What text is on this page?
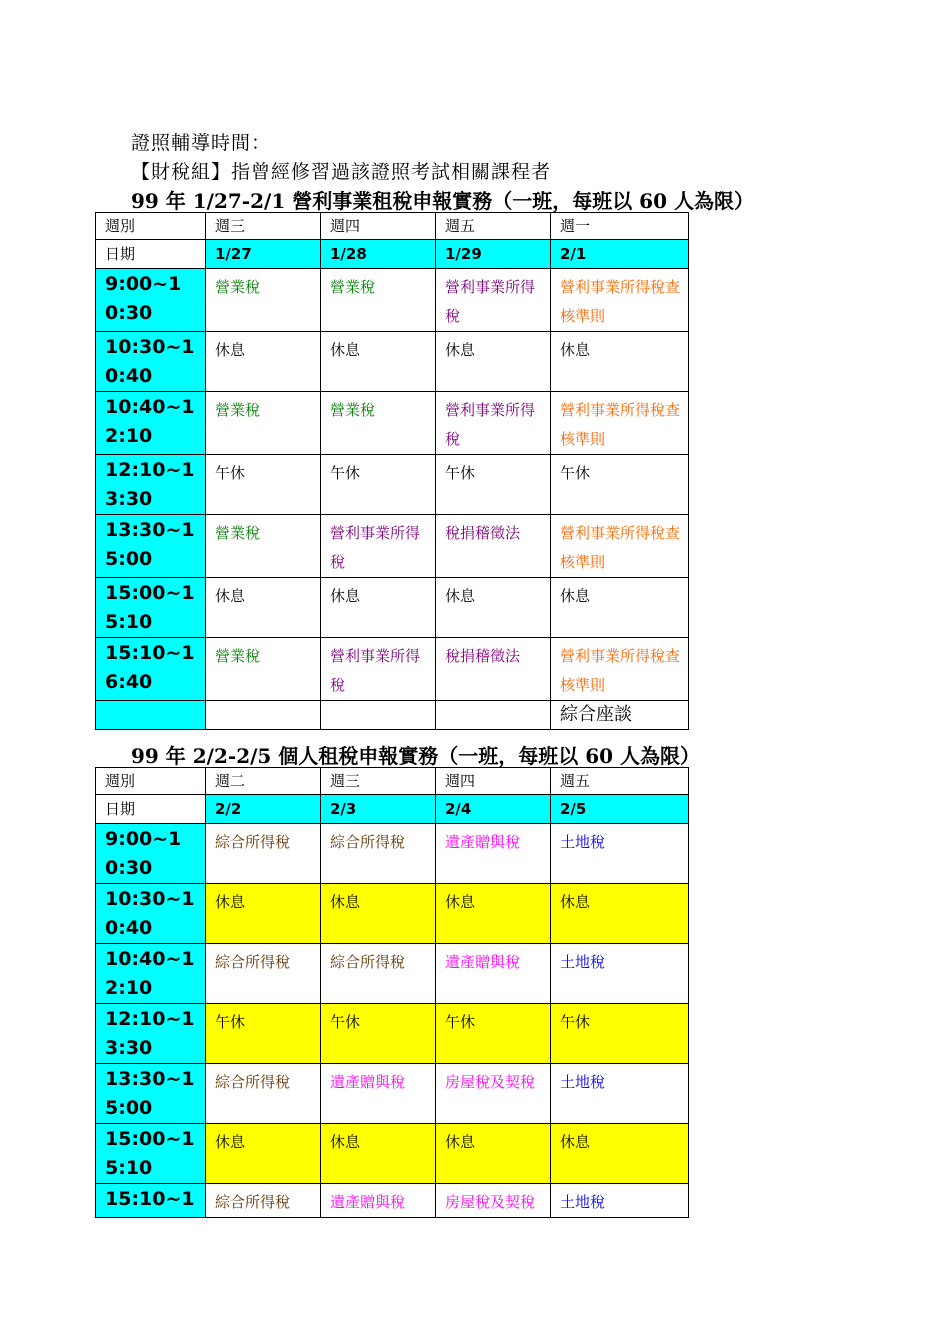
證照輔導時間：
【財稅組】指曾經修習過該證照考試相關課程者
99 年 1/27-2/1 營利事業租稅申報實務（一班，每班以 60 人為限）
週別	週三	週四	週五	週一
日期	1/27	1/28	1/29	2/1
9:00~10:30	營業稅	營業稅	營利事業所得稅	營利事業所得稅查核準則
10:30~10:40	休息	休息	休息	休息
10:40~12:10	營業稅	營業稅	營利事業所得稅	營利事業所得稅查核準則
12:10~13:30	午休	午休	午休	午休
13:30~15:00	營業稅	營利事業所得稅	稅捐稽徵法	營利事業所得稅查核準則
15:00~15:10	休息	休息	休息	休息
15:10~16:40	營業稅	營利事業所得稅	稅捐稽徵法	營利事業所得稅查核準則
				綜合座談
99 年 2/2-2/5 個人租稅申報實務（一班，每班以 60 人為限）
週別	週二	週三	週四	週五
日期	2/2	2/3	2/4	2/5
9:00~10:30	綜合所得稅	綜合所得稅	遺產贈與稅	土地稅
10:30~10:40	休息	休息	休息	休息
10:40~12:10	綜合所得稅	綜合所得稅	遺產贈與稅	土地稅
12:10~13:30	午休	午休	午休	午休
13:30~15:00	綜合所得稅	遺產贈與稅	房屋稅及契稅	土地稅
15:00~15:10	休息	休息	休息	休息
15:10~1	綜合所得稅	遺產贈與稅	房屋稅及契稅	土地稅
